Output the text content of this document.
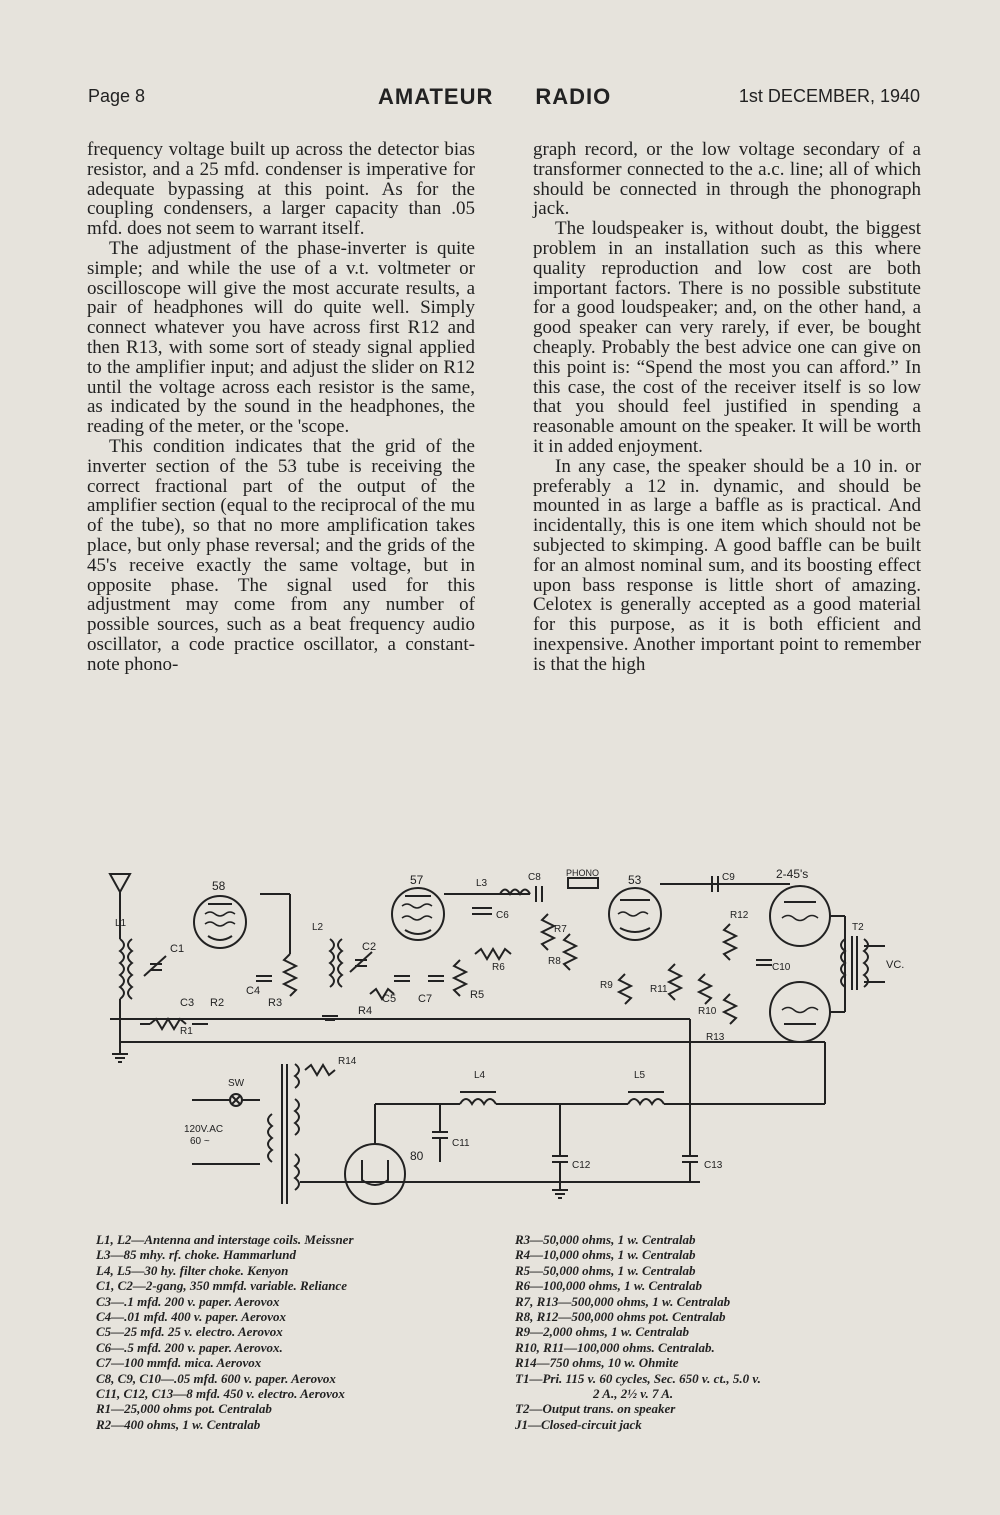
Page 8	AMATEUR RADIO	1st DECEMBER, 1940

frequency voltage built up across the detector bias resistor, and a 25 mfd. condenser is imperative for adequate bypassing at this point. As for the coupling condensers, a larger capacity than .05 mfd. does not seem to warrant itself.

The adjustment of the phase-inverter is quite simple; and while the use of a v.t. voltmeter or oscilloscope will give the most accurate results, a pair of headphones will do quite well. Simply connect whatever you have across first R12 and then R13, with some sort of steady signal applied to the amplifier input; and adjust the slider on R12 until the voltage across each resistor is the same, as indicated by the sound in the headphones, the reading of the meter, or the 'scope.

This condition indicates that the grid of the inverter section of the 53 tube is receiving the correct fractional part of the output of the amplifier section (equal to the reciprocal of the mu of the tube), so that no more amplification takes place, but only phase reversal; and the grids of the 45's receive exactly the same voltage, but in opposite phase. The signal used for this adjustment may come from any number of possible sources, such as a beat frequency audio oscillator, a code practice oscillator, a constant-note phono-

graph record, or the low voltage secondary of a transformer connected to the a.c. line; all of which should be connected in through the phonograph jack.

The loudspeaker is, without doubt, the biggest problem in an installation such as this where quality reproduction and low cost are both important factors. There is no possible substitute for a good loudspeaker; and, on the other hand, a good speaker can very rarely, if ever, be bought cheaply. Probably the best advice one can give on this point is: “Spend the most you can afford.” In this case, the cost of the receiver itself is so low that you should feel justified in spending a reasonable amount on the speaker. It will be worth it in added enjoyment.

In any case, the speaker should be a 10 in. or preferably a 12 in. dynamic, and should be mounted in as large a baffle as is practical. And incidentally, this is one item which should not be subjected to skimping. A good baffle can be built for an almost nominal sum, and its boosting effect upon bass response is little short of amazing. Celotex is generally accepted as a good material for this purpose, as it is both efficient and inexpensive. Another important point to remember is that the high

L1
C1
58
C3 R2
R1
C4
R3
L2
C2
57
R4
C5 C7	R5
L3
C6
R6
C8
R7
R8
PHONO 53
R9	R11
R10
R12
R13
C9
C10
2-45's
T2
VC.
SW
120V.AC
60 ~
R14
80
L4	L5
C11
C12	C13
L1, L2—Antenna and interstage coils. Meissner
L3—85 mhy. rf. choke. Hammarlund
L4, L5—30 hy. filter choke. Kenyon
C1, C2—2-gang, 350 mmfd. variable. Reliance
C3—.1 mfd. 200 v. paper. Aerovox
C4—.01 mfd. 400 v. paper. Aerovox
C5—25 mfd. 25 v. electro. Aerovox
C6—.5 mfd. 200 v. paper. Aerovox.
C7—100 mmfd. mica. Aerovox
C8, C9, C10—.05 mfd. 600 v. paper. Aerovox
C11, C12, C13—8 mfd. 450 v. electro. Aerovox
R1—25,000 ohms pot. Centralab
R2—400 ohms, 1 w. Centralab
R3—50,000 ohms, 1 w. Centralab
R4—10,000 ohms, 1 w. Centralab
R5—50,000 ohms, 1 w. Centralab
R6—100,000 ohms, 1 w. Centralab
R7, R13—500,000 ohms, 1 w. Centralab
R8, R12—500,000 ohms pot. Centralab
R9—2,000 ohms, 1 w. Centralab
R10, R11—100,000 ohms. Centralab.
R14—750 ohms, 10 w. Ohmite
T1—Pri. 115 v. 60 cycles, Sec. 650 v. ct., 5.0 v.
2 A., 2½ v. 7 A.
T2—Output trans. on speaker
J1—Closed-circuit jack
